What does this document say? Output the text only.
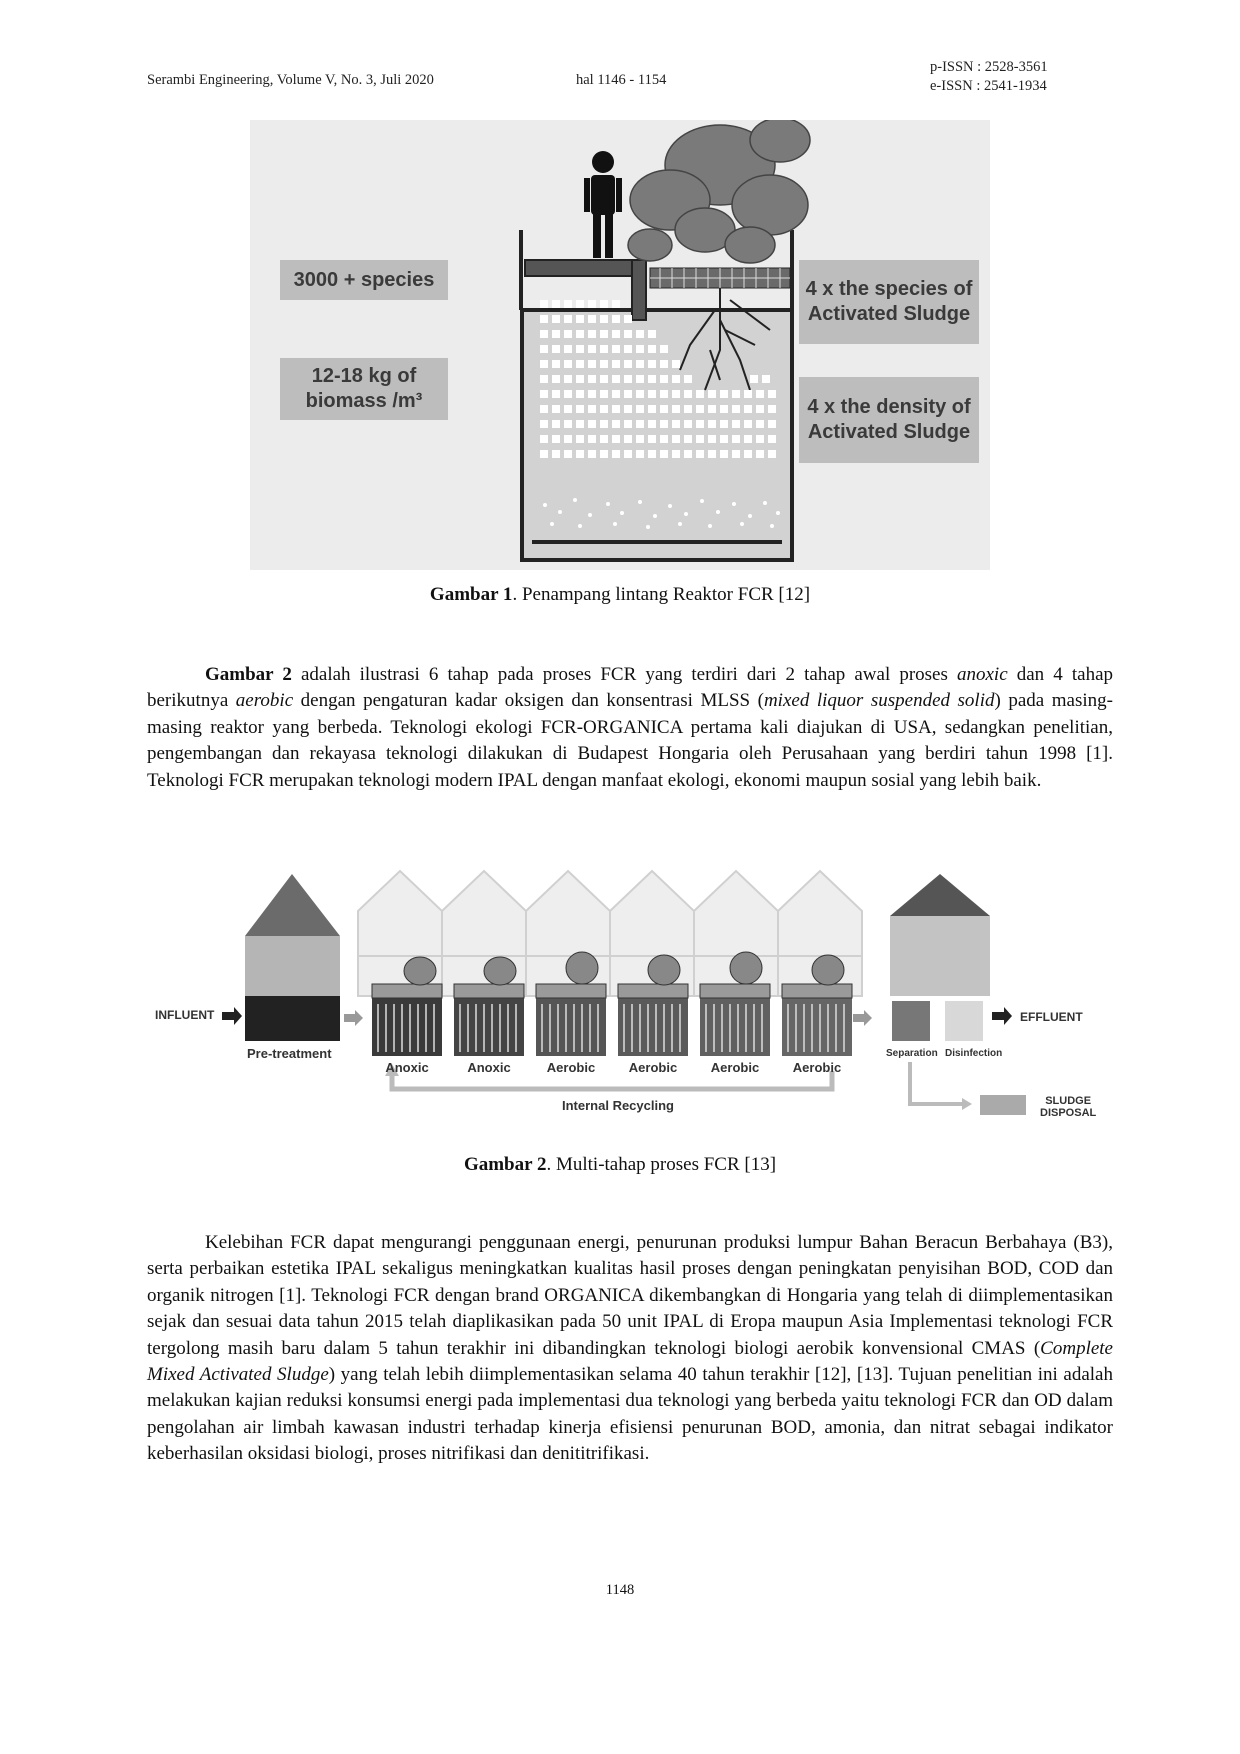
Serambi Engineering, Volume V, No. 3, Juli 2020	hal 1146 - 1154
p-ISSN : 2528-3561
e-ISSN : 2541-1934
3000 + species
12-18 kg of biomass /m³
4 x the species of Activated Sludge
4 x the density of Activated Sludge
Gambar 1. Penampang lintang Reaktor FCR [12]
Gambar 2 adalah ilustrasi 6 tahap pada proses FCR yang terdiri dari 2 tahap awal proses anoxic dan 4 tahap berikutnya aerobic dengan pengaturan kadar oksigen dan konsentrasi MLSS (mixed liquor suspended solid) pada masing-masing reaktor yang berbeda. Teknologi ekologi FCR-ORGANICA pertama kali diajukan di USA, sedangkan penelitian, pengembangan dan rekayasa teknologi dilakukan di Budapest Hongaria oleh Perusahaan yang berdiri tahun 1998 [1]. Teknologi FCR merupakan teknologi modern IPAL dengan manfaat ekologi, ekonomi maupun sosial yang lebih baik.
INFLUENT	EFFLUENT
Pre-treatment
Anoxic	Anoxic	Aerobic	Aerobic	Aerobic	Aerobic
Separation Disinfection
Internal Recycling	SLUDGE
DISPOSAL
Gambar 2. Multi-tahap proses FCR [13]
Kelebihan FCR dapat mengurangi penggunaan energi, penurunan produksi lumpur Bahan Beracun Berbahaya (B3), serta perbaikan estetika IPAL sekaligus meningkatkan kualitas hasil proses dengan peningkatan penyisihan BOD, COD dan organik nitrogen [1]. Teknologi FCR dengan brand ORGANICA dikembangkan di Hongaria yang telah di diimplementasikan sejak dan sesuai data tahun 2015 telah diaplikasikan pada 50 unit IPAL di Eropa maupun Asia Implementasi teknologi FCR tergolong masih baru dalam 5 tahun terakhir ini dibandingkan teknologi biologi aerobik konvensional CMAS (Complete Mixed Activated Sludge) yang telah lebih diimplementasikan selama 40 tahun terakhir [12], [13]. Tujuan penelitian ini adalah melakukan kajian reduksi konsumsi energi pada implementasi dua teknologi yang berbeda yaitu teknologi FCR dan OD dalam pengolahan air limbah kawasan industri terhadap kinerja efisiensi penurunan BOD, amonia, dan nitrat sebagai indikator keberhasilan oksidasi biologi, proses nitrifikasi dan denititrifikasi.
1148
